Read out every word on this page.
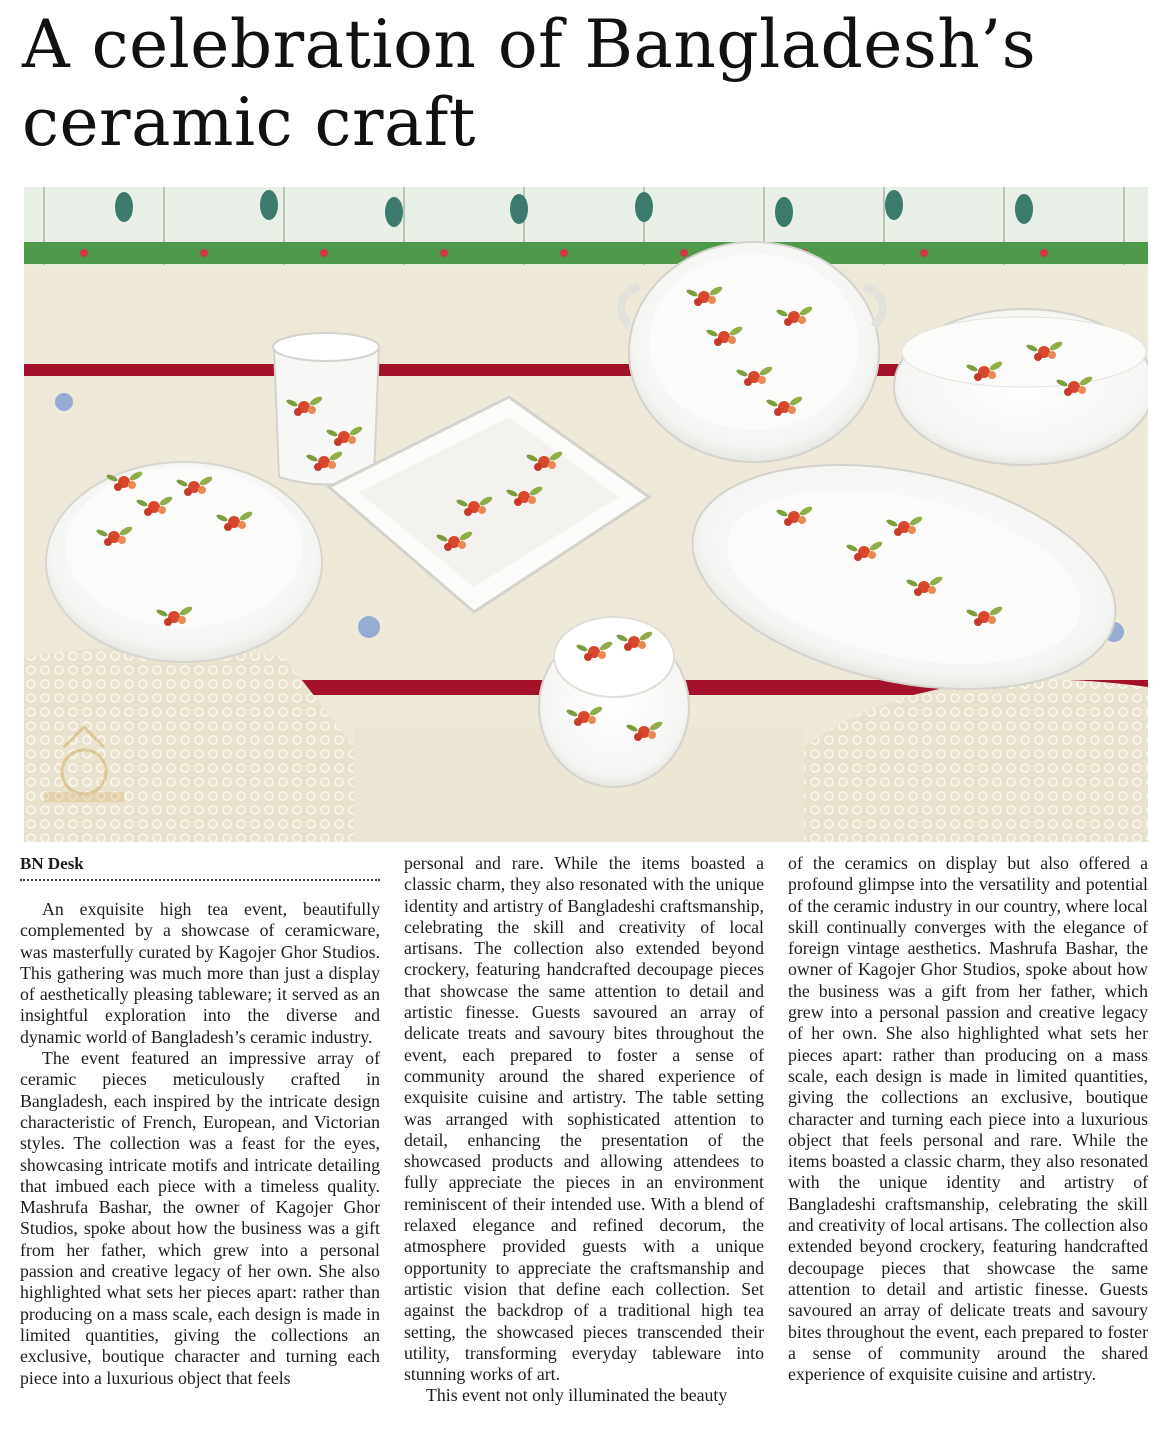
A celebration of Bangladesh’s ceramic craft
BN Desk

An exquisite high tea event, beautifully complemented by a showcase of ceramicware, was masterfully curated by Kagojer Ghor Studios. This gathering was much more than just a display of aesthetically pleasing tableware; it served as an insightful exploration into the diverse and dynamic world of Bangladesh’s ceramic industry.

The event featured an impressive array of ceramic pieces meticulously crafted in Bangladesh, each inspired by the intricate design characteristic of French, European, and Victorian styles. The collection was a feast for the eyes, showcasing intricate motifs and intricate detailing that imbued each piece with a timeless quality. Mashrufa Bashar, the owner of Kagojer Ghor Studios, spoke about how the business was a gift from her father, which grew into a personal passion and creative legacy of her own. She also highlighted what sets her pieces apart: rather than producing on a mass scale, each design is made in limited quantities, giving the collections an exclusive, boutique character and turning each piece into a luxurious object that feels

personal and rare. While the items boasted a classic charm, they also resonated with the unique identity and artistry of Bangladeshi craftsmanship, celebrating the skill and creativity of local artisans. The collection also extended beyond crockery, featuring handcrafted decoupage pieces that showcase the same attention to detail and artistic finesse. Guests savoured an array of delicate treats and savoury bites throughout the event, each prepared to foster a sense of community around the shared experience of exquisite cuisine and artistry. The table setting was arranged with sophisticated attention to detail, enhancing the presentation of the showcased products and allowing attendees to fully appreciate the pieces in an environment reminiscent of their intended use. With a blend of relaxed elegance and refined decorum, the atmosphere provided guests with a unique opportunity to appreciate the craftsmanship and artistic vision that define each collection. Set against the backdrop of a traditional high tea setting, the showcased pieces transcended their utility, transforming everyday tableware into stunning works of art.

This event not only illuminated the beauty

of the ceramics on display but also offered a profound glimpse into the versatility and potential of the ceramic industry in our country, where local skill continually converges with the elegance of foreign vintage aesthetics. Mashrufa Bashar, the owner of Kagojer Ghor Studios, spoke about how the business was a gift from her father, which grew into a personal passion and creative legacy of her own. She also highlighted what sets her pieces apart: rather than producing on a mass scale, each design is made in limited quantities, giving the collections an exclusive, boutique character and turning each piece into a luxurious object that feels personal and rare. While the items boasted a classic charm, they also resonated with the unique identity and artistry of Bangladeshi craftsmanship, celebrating the skill and creativity of local artisans. The collection also extended beyond crockery, featuring handcrafted decoupage pieces that showcase the same attention to detail and artistic finesse. Guests savoured an array of delicate treats and savoury bites throughout the event, each prepared to foster a sense of community around the shared experience of exquisite cuisine and artistry.
